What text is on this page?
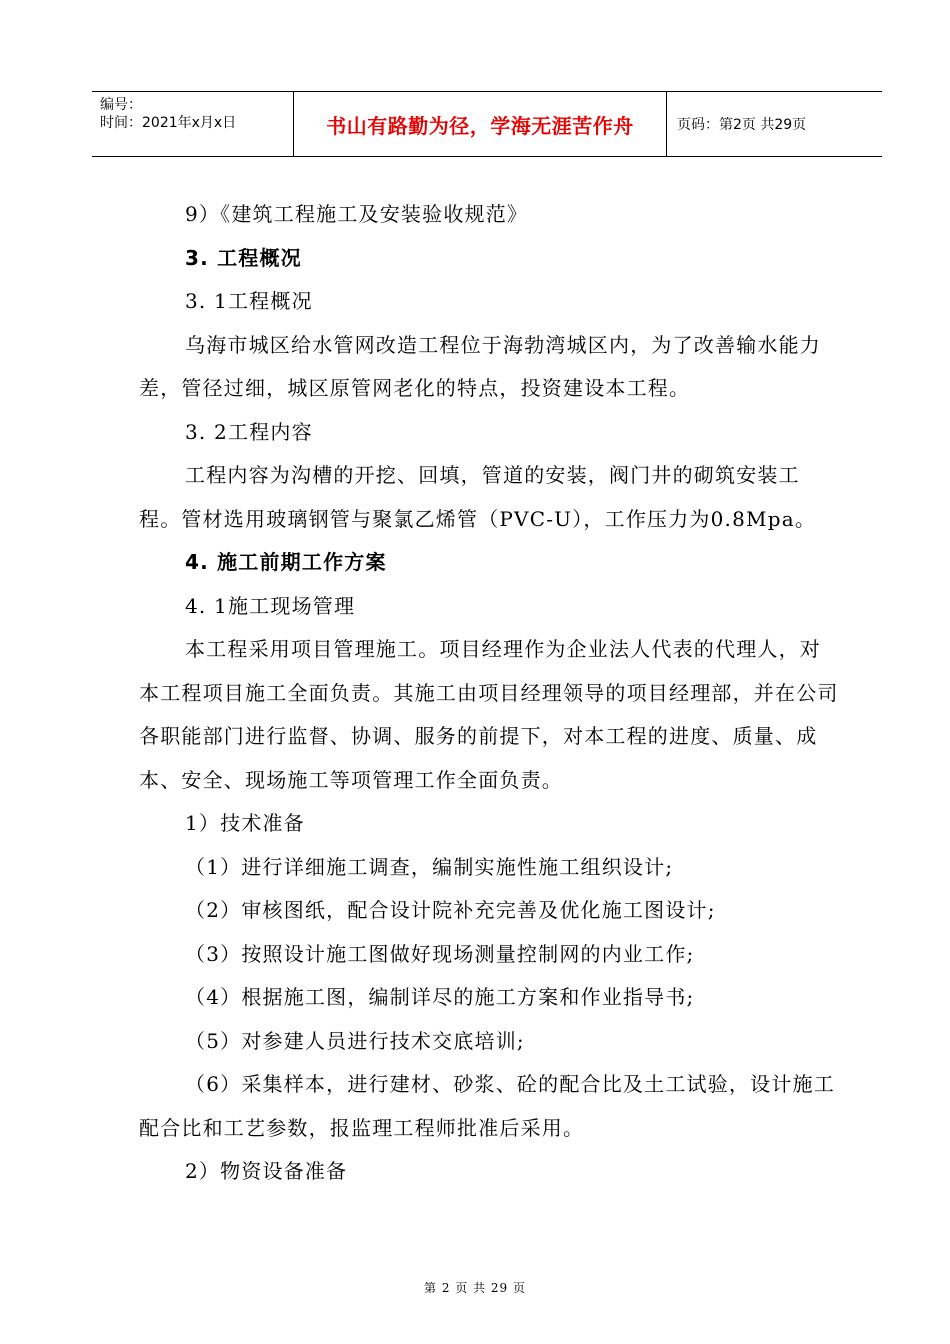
编号：
时间：2021年x月x日	书山有路勤为径，学海无涯苦作舟	页码：第2页 共29页

9）《建筑工程施工及安装验收规范》

3. 工程概况

3. 1工程概况

乌海市城区给水管网改造工程位于海勃湾城区内，为了改善输水能力差，管径过细，城区原管网老化的特点，投资建设本工程。

3. 2工程内容

工程内容为沟槽的开挖、回填，管道的安装，阀门井的砌筑安装工程。管材选用玻璃钢管与聚氯乙烯管（PVC-U），工作压力为0.8Mpa。

4. 施工前期工作方案

4. 1施工现场管理

本工程采用项目管理施工。项目经理作为企业法人代表的代理人，对本工程项目施工全面负责。其施工由项目经理领导的项目经理部，并在公司各职能部门进行监督、协调、服务的前提下，对本工程的进度、质量、成本、安全、现场施工等项管理工作全面负责。

1）技术准备

（1）进行详细施工调查，编制实施性施工组织设计;

（2）审核图纸，配合设计院补充完善及优化施工图设计;

（3）按照设计施工图做好现场测量控制网的内业工作;

（4）根据施工图，编制详尽的施工方案和作业指导书;

（5）对参建人员进行技术交底培训;

（6）采集样本，进行建材、砂浆、砼的配合比及土工试验，设计施工配合比和工艺参数，报监理工程师批准后采用。

2）物资设备准备

第 2 页 共 29 页
